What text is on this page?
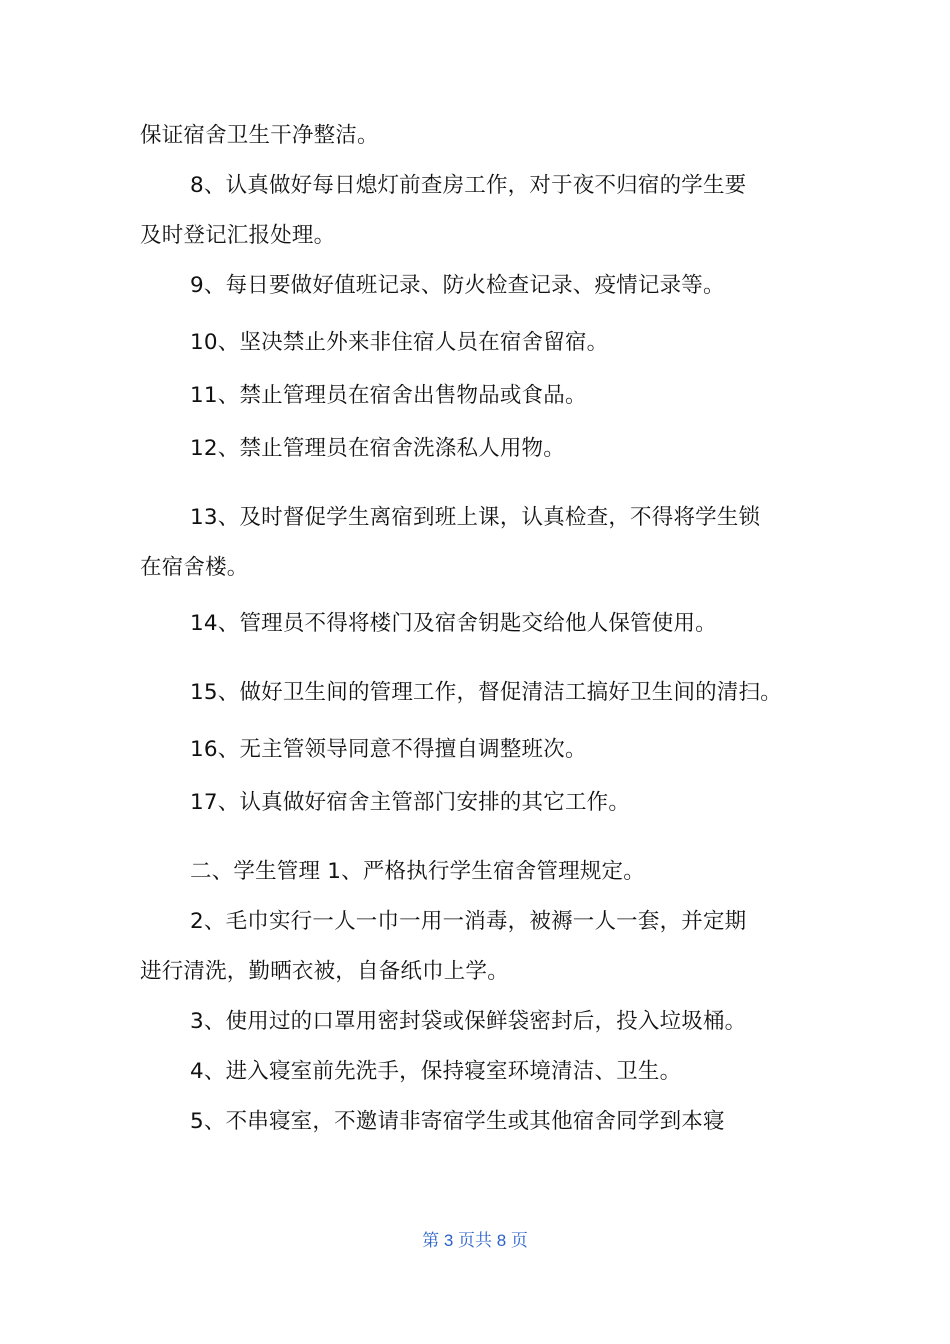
保证宿舍卫生干净整洁。
8、认真做好每日熄灯前查房工作，对于夜不归宿的学生要
及时登记汇报处理。
9、每日要做好值班记录、防火检查记录、疫情记录等。
10、坚决禁止外来非住宿人员在宿舍留宿。
11、禁止管理员在宿舍出售物品或食品。
12、禁止管理员在宿舍洗涤私人用物。
13、及时督促学生离宿到班上课，认真检查，不得将学生锁
在宿舍楼。
14、管理员不得将楼门及宿舍钥匙交给他人保管使用。
15、做好卫生间的管理工作，督促清洁工搞好卫生间的清扫。
16、无主管领导同意不得擅自调整班次。
17、认真做好宿舍主管部门安排的其它工作。
二、学生管理 1、严格执行学生宿舍管理规定。
2、毛巾实行一人一巾一用一消毒，被褥一人一套，并定期
进行清洗，勤晒衣被，自备纸巾上学。
3、使用过的口罩用密封袋或保鲜袋密封后，投入垃圾桶。
4、进入寝室前先洗手，保持寝室环境清洁、卫生。
5、不串寝室，不邀请非寄宿学生或其他宿舍同学到本寝
第 3 页共 8 页
